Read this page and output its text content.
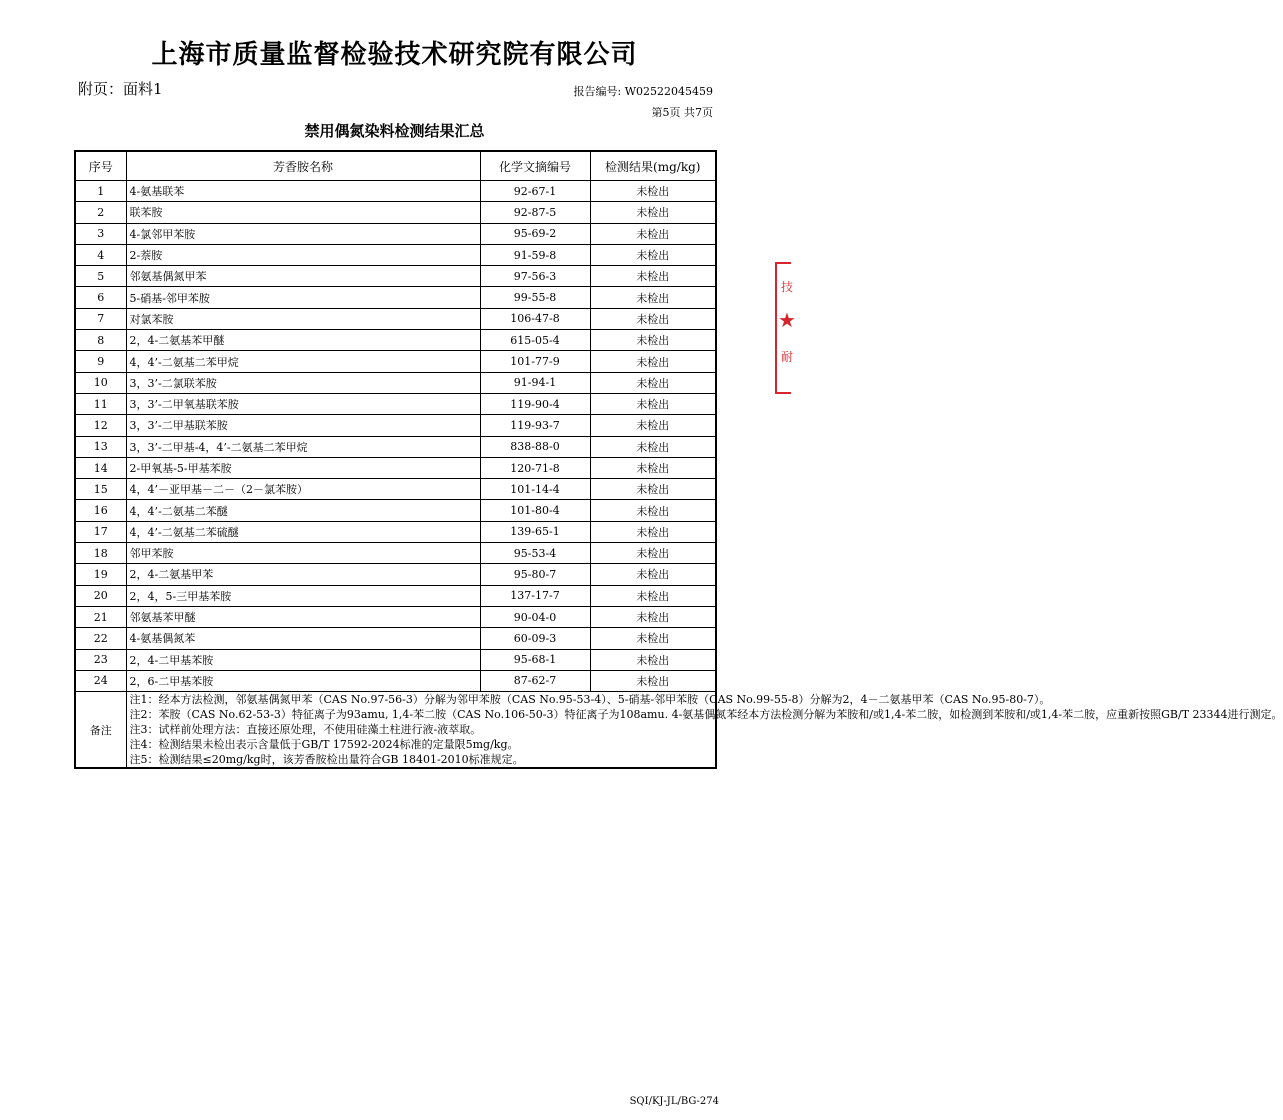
上海市质量监督检验技术研究院有限公司
附页：面料1	报告编号: W02522045459
第5页 共7页
禁用偶氮染料检测结果汇总
序号	芳香胺名称	化学文摘编号	检测结果(mg/kg)
1	4-氨基联苯	92-67-1	未检出
2	联苯胺	92-87-5	未检出
3	4-氯邻甲苯胺	95-69-2	未检出
4	2-萘胺	91-59-8	未检出
5	邻氨基偶氮甲苯	97-56-3	未检出
6	5-硝基-邻甲苯胺	99-55-8	未检出
7	对氯苯胺	106-47-8	未检出
8	2，4-二氨基苯甲醚	615-05-4	未检出
9	4，4’-二氨基二苯甲烷	101-77-9	未检出
10	3，3’-二氯联苯胺	91-94-1	未检出
11	3，3’-二甲氧基联苯胺	119-90-4	未检出
12	3，3’-二甲基联苯胺	119-93-7	未检出
13	3，3’-二甲基-4，4’-二氨基二苯甲烷	838-88-0	未检出
14	2-甲氧基-5-甲基苯胺	120-71-8	未检出
15	4，4’－亚甲基－二－（2－氯苯胺）	101-14-4	未检出
16	4，4’-二氨基二苯醚	101-80-4	未检出
17	4，4’-二氨基二苯硫醚	139-65-1	未检出
18	邻甲苯胺	95-53-4	未检出
19	2，4-二氨基甲苯	95-80-7	未检出
20	2，4，5-三甲基苯胺	137-17-7	未检出
21	邻氨基苯甲醚	90-04-0	未检出
22	4-氨基偶氮苯	60-09-3	未检出
23	2，4-二甲基苯胺	95-68-1	未检出
24	2，6-二甲基苯胺	87-62-7	未检出
备注	注1：经本方法检测，邻氨基偶氮甲苯（CAS No.97-56-3）分解为邻甲苯胺（CAS No.95-53-4）、5-硝基-邻甲苯胺（CAS No.99-55-8）分解为2，4－二氨基甲苯（CAS No.95-80-7）。
注2：苯胺（CAS No.62-53-3）特征离子为93amu, 1,4-苯二胺（CAS No.106-50-3）特征离子为108amu. 4-氨基偶氮苯经本方法检测分解为苯胺和/或1,4-苯二胺，如检测到苯胺和/或1,4-苯二胺，应重新按照GB/T 23344进行测定。
注3：试样前处理方法：直接还原处理，不使用硅藻土柱进行液-液萃取。
注4：检测结果未检出表示含量低于GB/T 17592-2024标准的定量限5mg/kg。
注5：检测结果≤20mg/kg时，该芳香胺检出量符合GB 18401-2010标准规定。		
技
★
耐
SQI/KJ-JL/BG-274
